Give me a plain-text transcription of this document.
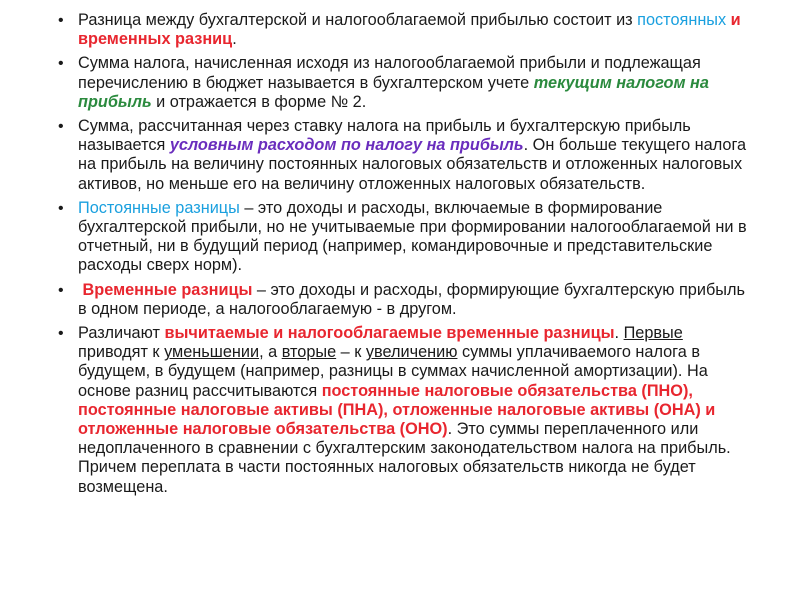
• Разница между бухгалтерской и налогооблагаемой прибылью состоит из постоянных и временных разниц.
• Сумма налога, начисленная исходя из налогооблагаемой прибыли и подлежащая перечислению в бюджет называется в бухгалтерском учете текущим налогом на прибыль и отражается в форме № 2.
• Сумма, рассчитанная через ставку налога на прибыль и бухгалтерскую прибыль называется условным расходом по налогу на прибыль. Он больше текущего налога на прибыль на величину постоянных налоговых обязательств и отложенных налоговых активов, но меньше его на величину отложенных налоговых обязательств.
• Постоянные разницы – это доходы и расходы, включаемые в формирование бухгалтерской прибыли, но не учитываемые при формировании налогооблагаемой ни в отчетный, ни в будущий период (например, командировочные и представительские расходы сверх норм).
• Временные разницы – это доходы и расходы, формирующие бухгалтерскую прибыль в одном периоде, а налогооблагаемую - в другом.
• Различают вычитаемые и налогооблагаемые временные разницы. Первые приводят к уменьшении, а вторые – к увеличению суммы уплачиваемого налога в будущем, в будущем (например, разницы в суммах начисленной амортизации). На основе разниц рассчитываются постоянные налоговые обязательства (ПНО), постоянные налоговые активы (ПНА), отложенные налоговые активы (ОНА) и отложенные налоговые обязательства (ОНО). Это суммы переплаченного или недоплаченного в сравнении с бухгалтерским законодательством налога на прибыль. Причем переплата в части постоянных налоговых обязательств никогда не будет возмещена.
